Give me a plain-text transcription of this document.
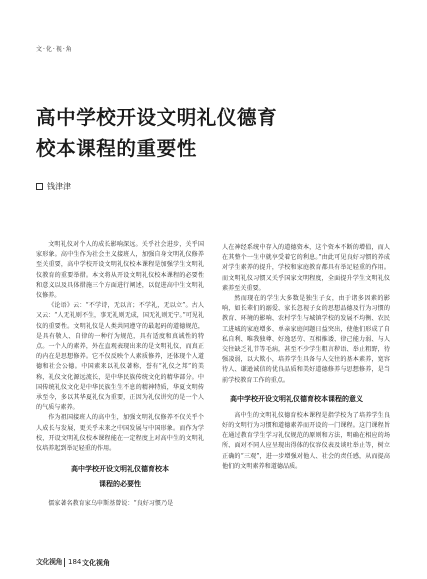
文·化·视·角
高中学校开设文明礼仪德育
校本课程的重要性
钱津津

文明礼仪对个人的成长影响深远。关乎社会进步，关乎国家形象。高中生作为社会主义接班人，加强自身文明礼仪修养至关重要，高中学校开设文明礼仪校本课程是加强学生文明礼仪教育的重要举措。本文将从开设文明礼仪校本课程的必要性和意义以及具体措施三个方面进行阐述，以促进高中生文明礼仪修养。

《论语》云：“不学诗，无以言；不学礼，无以立”。古人又云：“人无礼则不生，事无礼则无成，国无礼则无宁。”可见礼仪的重要性。文明礼仪是人类共同遵守的最起码的道德规范，是具有敬人、自律的一种行为规范，具有适度和真诚性的特点。一个人的素养，外在直观表现出来的是文明礼仪，而真正的内在是思想修养。它不仅反映个人素质修养，还体现个人道德和社会公德。中国素来以礼仪著称，誉有“礼仪之邦”的美称，礼仪文化源远流长，是中华民族传统文化的精华部分。中国传统礼仪文化是中华民族生生不息的精神特质，华夏文明传承至今，多以其华夏礼仪为重要，正因为礼仪讲究的是一个人的气质与素养。

作为祖国接班人的高中生，加强文明礼仪修养不仅关乎个人成长与发展，更关乎未来之中国发展与中国形象。而作为学校，开设文明礼仪校本课程能在一定程度上对高中生的文明礼仪培养起到举足轻重的作用。

高中学校开设文明礼仪德育校本
课程的必要性

儒家著名教育家乌申斯基曾说：“良好习惯乃是

人在神经系统中存入的道德资本，这个资本不断的增值，而人在其整个一生中就享受着它的利息。”由此可见良好习惯的养成对学生素养的提升，学校和家庭教育都具有举足轻重的作用。而文明礼仪习惯又关乎国家文明程度，全面提升学生文明礼仪素养至关重要。

然而现在的学生大多数是独生子女，由于诸多因素的影响，如长辈们的溺爱、家长忽视子女的思想品德及行为习惯的教育、环境的影响、农村学生与城镇学校的发展不均衡、农民工进城的家庭增多、单亲家庭问题日益突出，使他们形成了自私自利、唯我独尊、好逸恶劳、互相推诿、律己能力弱、与人交往缺乏礼节等毛病，甚至不少学生粗言秽语、举止粗野，待强凌弱，以大欺小，培养学生具备与人交往的基本素养，宽容待人、谦逊诚信的优良品质和美好道德修养与思想修养，是当前学校教育工作的重点。

高中学校开设文明礼仪德育校本课程的意义

高中生的文明礼仪德育校本课程是指学校为了培养学生良好的文明行为习惯和道德素养而开设的一门课程。这门课程旨在通过教育学生学习礼仪规范的原则和方法，明确在相应的场所、面对不同人应呈现出得体的仪容仪表及谈吐举止等，树立正确的“三观”，进一步增强对他人、社会的责任感，从而提高他们的文明素养和道德品质。

文化视角 184 文化视角
